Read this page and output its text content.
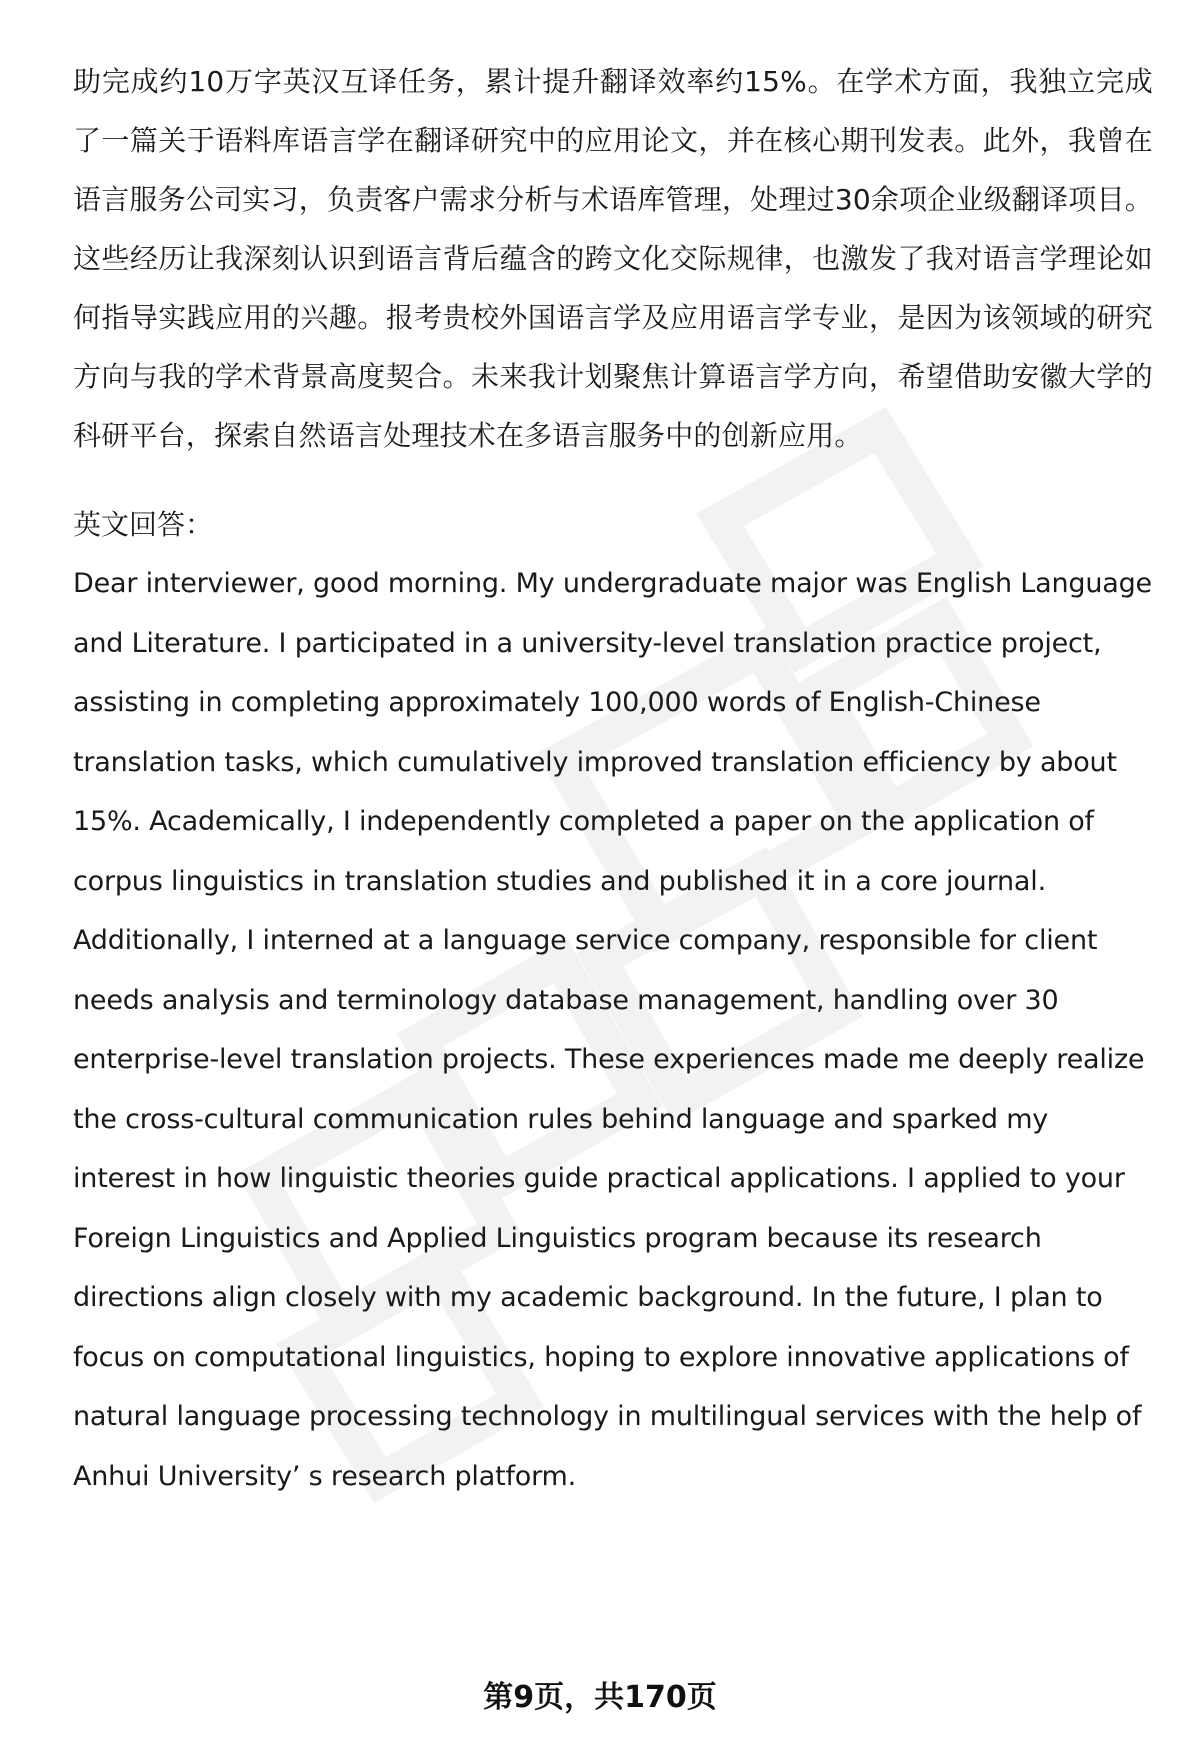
助完成约10万字英汉互译任务，累计提升翻译效率约15%。在学术方面，我独立完成了一篇关于语料库语言学在翻译研究中的应用论文，并在核心期刊发表。此外，我曾在语言服务公司实习，负责客户需求分析与术语库管理，处理过30余项企业级翻译项目。这些经历让我深刻认识到语言背后蕴含的跨文化交际规律，也激发了我对语言学理论如何指导实践应用的兴趣。报考贵校外国语言学及应用语言学专业，是因为该领域的研究方向与我的学术背景高度契合。未来我计划聚焦计算语言学方向，希望借助安徽大学的科研平台，探索自然语言处理技术在多语言服务中的创新应用。

英文回答：

Dear interviewer, good morning. My undergraduate major was English Language and Literature. I participated in a university-level translation practice project, assisting in completing approximately 100,000 words of English-Chinese translation tasks, which cumulatively improved translation efficiency by about 15%. Academically, I independently completed a paper on the application of corpus linguistics in translation studies and published it in a core journal. Additionally, I interned at a language service company, responsible for client needs analysis and terminology database management, handling over 30 enterprise-level translation projects. These experiences made me deeply realize the cross-cultural communication rules behind language and sparked my interest in how linguistic theories guide practical applications. I applied to your Foreign Linguistics and Applied Linguistics program because its research directions align closely with my academic background. In the future, I plan to focus on computational linguistics, hoping to explore innovative applications of natural language processing technology in multilingual services with the help of Anhui University’ s research platform.

第9页，共170页
